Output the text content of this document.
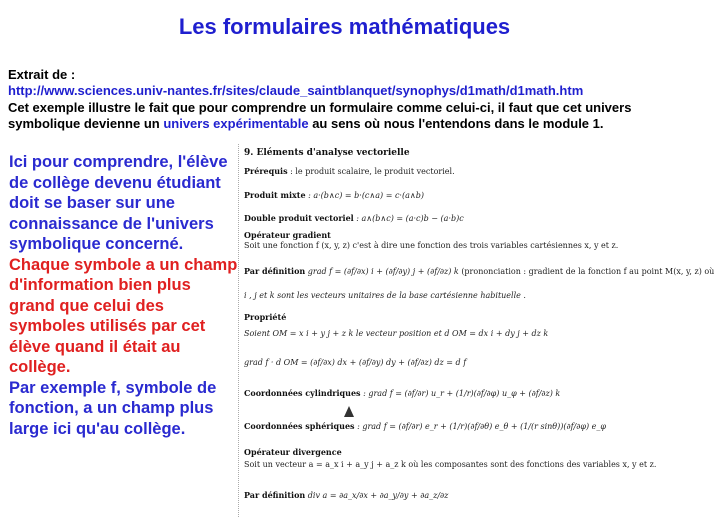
Les formulaires mathématiques
Extrait de :
http://www.sciences.univ-nantes.fr/sites/claude_saintblanquet/synophys/d1math/d1math.htm
Cet exemple illustre le fait que pour comprendre un formulaire comme celui-ci, il faut que cet univers symbolique devienne un univers expérimentable au sens où nous l'entendons dans le module 1.
Ici pour comprendre, l'élève de collège devenu étudiant doit se baser sur une connaissance de l'univers symbolique concerné. Chaque symbole a un champ d'information bien plus grand que celui des symboles utilisés par cet élève quand il était au collège.
Par exemple f, symbole de fonction, a un champ plus large ici qu'au collège.
9. Eléments d'analyse vectorielle
Prérequis : le produit scalaire, le produit vectoriel.
Produit mixte : a·(b∧c) = b·(c∧a) = c·(a∧b)
Double produit vectoriel : a∧(b∧c) = (a·c)b − (a·b)c
Opérateur gradient
Soit une fonction f (x, y, z) c'est à dire une fonction des trois variables cartésiennes x, y et z.
Par définition grad f = (∂f/∂x) i + (∂f/∂y) j + (∂f/∂z) k (prononciation : gradient de la fonction f au point M(x, y, z) où
i , j et k sont les vecteurs unitaires de la base cartésienne habituelle .
Propriété
Soient OM = x i + y j + z k le vecteur position et d OM = dx i + dy j + dz k
grad f · d OM = (∂f/∂x) dx + (∂f/∂y) dy + (∂f/∂z) dz = d f
Coordonnées cylindriques : grad f = (∂f/∂r) u_r + (1/r)(∂f/∂φ) u_φ + (∂f/∂z) k
Coordonnées sphériques : grad f = (∂f/∂r) e_r + (1/r)(∂f/∂θ) e_θ + (1/(r sinθ))(∂f/∂φ) e_φ
Opérateur divergence
Soit un vecteur a = a_x i + a_y j + a_z k où les composantes sont des fonctions des variables x, y et z.
Par définition div a = ∂a_x/∂x + ∂a_y/∂y + ∂a_z/∂z
